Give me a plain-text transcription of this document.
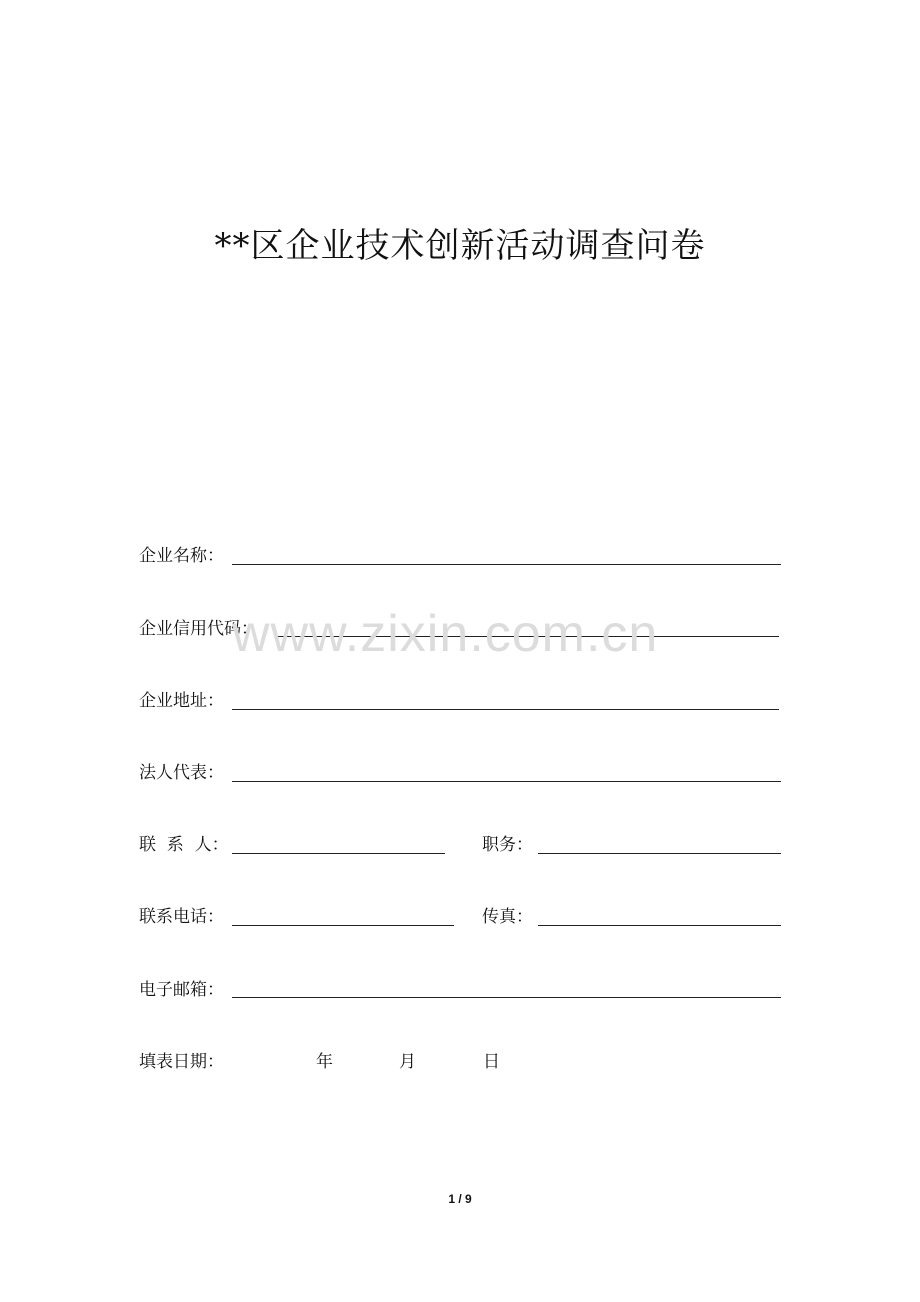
**区企业技术创新活动调查问卷
企业名称：
企业信用代码：
企业地址：
法人代表：
联  系  人：	职务：
联系电话：	传真：
电子邮箱：
填表日期：	年	月	日
www.zixin.com.cn
1 / 9
